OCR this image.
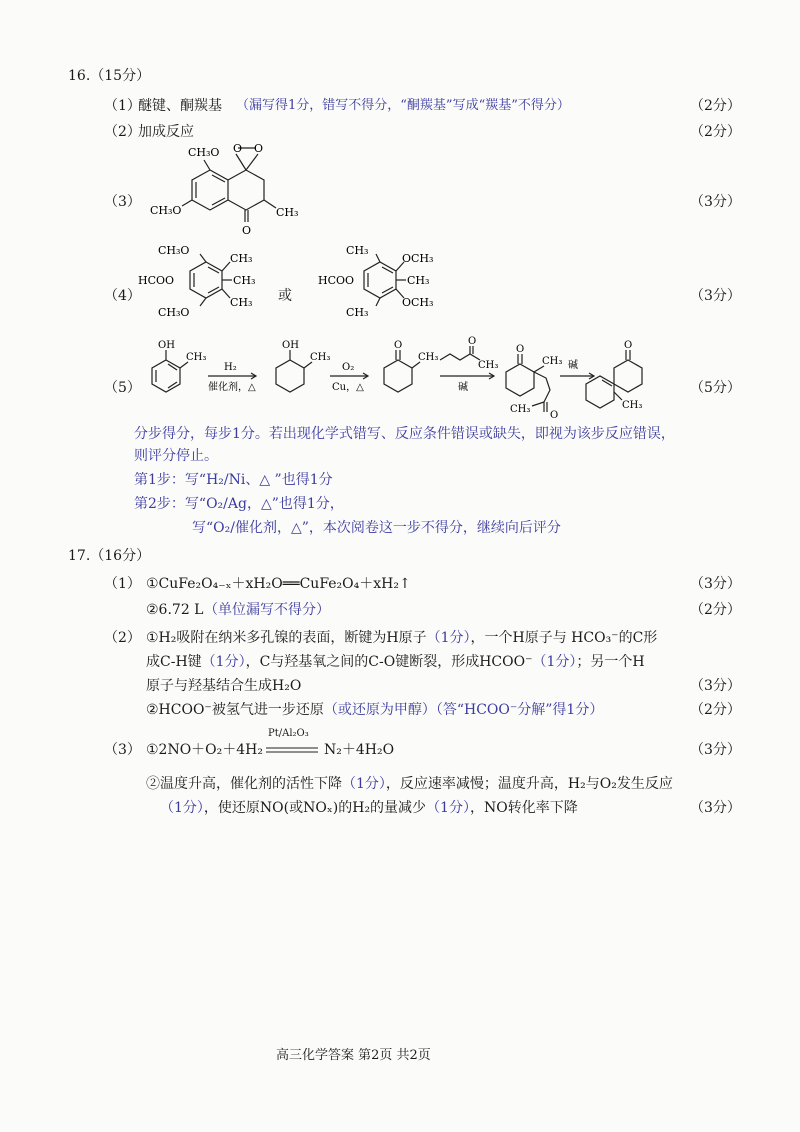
16.（15分）
（1）
醚键、酮羰基 （漏写得1分，错写不得分，“酮羰基”写成“羰基”不得分）	（2分）
（2）
加成反应	（2分）
（3）
CH₃O O O
CH₃O	CH₃
O
（3分）
（4）
CH₃O
HCOO
CH₃O
CH₃
CH₃
CH₃ 或
CH₃
HCOO
CH₃
OCH₃
CH₃
OCH₃	（3分）
（5）
OH
CH₃
H₂
催化剂，△
OH
CH₃
O₂
Cu，△
O
CH₃
O
CH₃
碱
O
CH₃
CH₃
O
碱
O
CH₃
（5分）
分步得分，每步1分。若出现化学式错写、反应条件错误或缺失，即视为该步反应错误，
则评分停止。
第1步：写“H₂/Ni、△ ”也得1分
第2步：写“O₂/Ag，△”也得1分，
写“O₂/催化剂，△”，本次阅卷这一步不得分，继续向后评分
17.（16分）
（1） ①CuFe₂O₄₋ₓ＋xH₂O══CuFe₂O₄＋xH₂↑	（3分）
②6.72 L （单位漏写不得分）	（2分）
（2） ①H₂吸附在纳米多孔镍的表面，断键为H原子（1分），一个H原子与 HCO₃⁻的C形
成C-H键（1分），C与羟基氧之间的C-O键断裂，形成HCOO⁻（1分）；另一个H
原子与羟基结合生成H₂O	（3分）
②HCOO⁻被氢气进一步还原（或还原为甲醇）（答“HCOO⁻分解”得1分）	（2分）
（3） ①2NO＋O₂＋4H₂
Pt/Al₂O₃
N₂＋4H₂O	（3分）
②温度升高，催化剂的活性下降（1分），反应速率减慢；温度升高，H₂与O₂发生反应
（1分），使还原NO(或NOₓ)的H₂的量减少（1分），NO转化率下降	（3分）
高三化学答案 第2页 共2页
